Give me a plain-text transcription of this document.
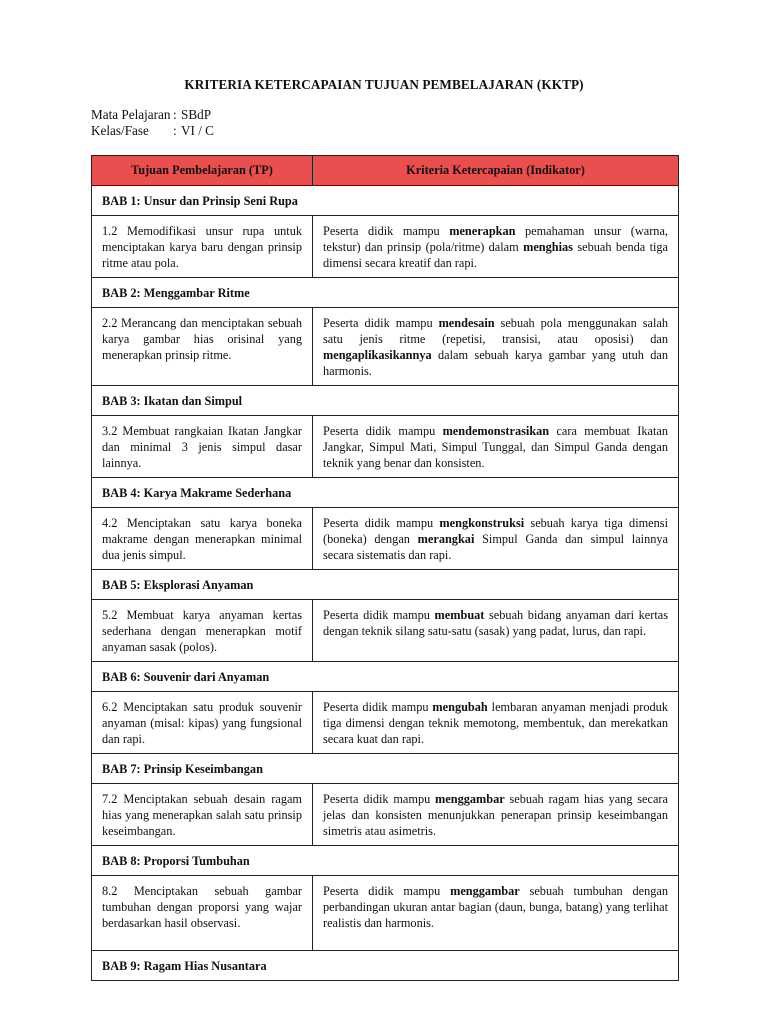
KRITERIA KETERCAPAIAN TUJUAN PEMBELAJARAN (KKTP)
Mata Pelajaran : SBdP
Kelas/Fase	: VI / C
Tujuan Pembelajaran (TP)	Kriteria Ketercapaian (Indikator)
BAB 1: Unsur dan Prinsip Seni Rupa	
1.2 Memodifikasi unsur rupa untuk menciptakan karya baru dengan prinsip ritme atau pola.	Peserta didik mampu menerapkan pemahaman unsur (warna, tekstur) dan prinsip (pola/ritme) dalam menghias sebuah benda tiga dimensi secara kreatif dan rapi.
BAB 2: Menggambar Ritme	
2.2 Merancang dan menciptakan sebuah karya gambar hias orisinal yang menerapkan prinsip ritme.	Peserta didik mampu mendesain sebuah pola menggunakan salah satu jenis ritme (repetisi, transisi, atau oposisi) dan mengaplikasikannya dalam sebuah karya gambar yang utuh dan harmonis.
BAB 3: Ikatan dan Simpul	
3.2 Membuat rangkaian Ikatan Jangkar dan minimal 3 jenis simpul dasar lainnya.	Peserta didik mampu mendemonstrasikan cara membuat Ikatan Jangkar, Simpul Mati, Simpul Tunggal, dan Simpul Ganda dengan teknik yang benar dan konsisten.
BAB 4: Karya Makrame Sederhana	
4.2 Menciptakan satu karya boneka makrame dengan menerapkan minimal dua jenis simpul.	Peserta didik mampu mengkonstruksi sebuah karya tiga dimensi (boneka) dengan merangkai Simpul Ganda dan simpul lainnya secara sistematis dan rapi.
BAB 5: Eksplorasi Anyaman	
5.2 Membuat karya anyaman kertas sederhana dengan menerapkan motif anyaman sasak (polos).	Peserta didik mampu membuat sebuah bidang anyaman dari kertas dengan teknik silang satu-satu (sasak) yang padat, lurus, dan rapi.
BAB 6: Souvenir dari Anyaman	
6.2 Menciptakan satu produk souvenir anyaman (misal: kipas) yang fungsional dan rapi.	Peserta didik mampu mengubah lembaran anyaman menjadi produk tiga dimensi dengan teknik memotong, membentuk, dan merekatkan secara kuat dan rapi.
BAB 7: Prinsip Keseimbangan	
7.2 Menciptakan sebuah desain ragam hias yang menerapkan salah satu prinsip keseimbangan.	Peserta didik mampu menggambar sebuah ragam hias yang secara jelas dan konsisten menunjukkan penerapan prinsip keseimbangan simetris atau asimetris.
BAB 8: Proporsi Tumbuhan	
8.2 Menciptakan sebuah gambar tumbuhan dengan proporsi yang wajar berdasarkan hasil observasi.	Peserta didik mampu menggambar sebuah tumbuhan dengan perbandingan ukuran antar bagian (daun, bunga, batang) yang terlihat realistis dan harmonis.
BAB 9: Ragam Hias Nusantara	
